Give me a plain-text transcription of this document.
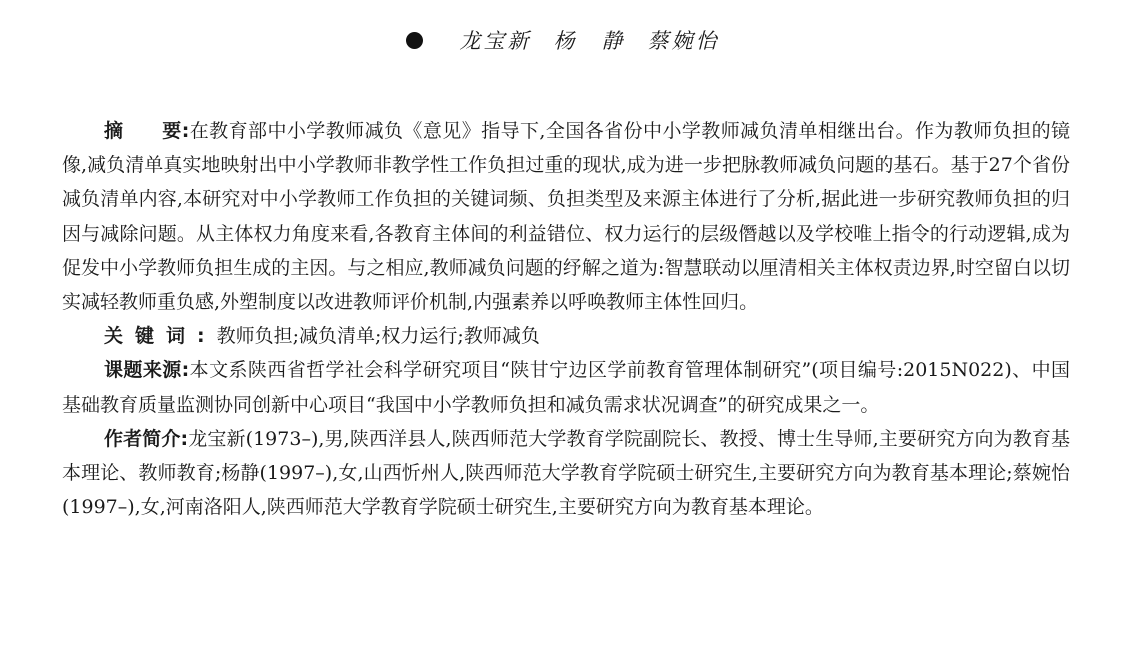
龙宝新 杨　静 蔡婉怡

摘　　要:在教育部中小学教师减负《意见》指导下,全国各省份中小学教师减负清单相继出台。作为教师负担的镜像,减负清单真实地映射出中小学教师非教学性工作负担过重的现状,成为进一步把脉教师减负问题的基石。基于27个省份减负清单内容,本研究对中小学教师工作负担的关键词频、负担类型及来源主体进行了分析,据此进一步研究教师负担的归因与减除问题。从主体权力角度来看,各教育主体间的利益错位、权力运行的层级僭越以及学校唯上指令的行动逻辑,成为促发中小学教师负担生成的主因。与之相应,教师减负问题的纾解之道为:智慧联动以厘清相关主体权责边界,时空留白以切实减轻教师重负感,外塑制度以改进教师评价机制,内强素养以呼唤教师主体性回归。

关键词:教师负担;减负清单;权力运行;教师减负

课题来源:本文系陕西省哲学社会科学研究项目“陕甘宁边区学前教育管理体制研究”(项目编号:2015N022)、中国基础教育质量监测协同创新中心项目“我国中小学教师负担和减负需求状况调查”的研究成果之一。

作者简介:龙宝新(1973–),男,陕西洋县人,陕西师范大学教育学院副院长、教授、博士生导师,主要研究方向为教育基本理论、教师教育;杨静(1997–),女,山西忻州人,陕西师范大学教育学院硕士研究生,主要研究方向为教育基本理论;蔡婉怡(1997–),女,河南洛阳人,陕西师范大学教育学院硕士研究生,主要研究方向为教育基本理论。
